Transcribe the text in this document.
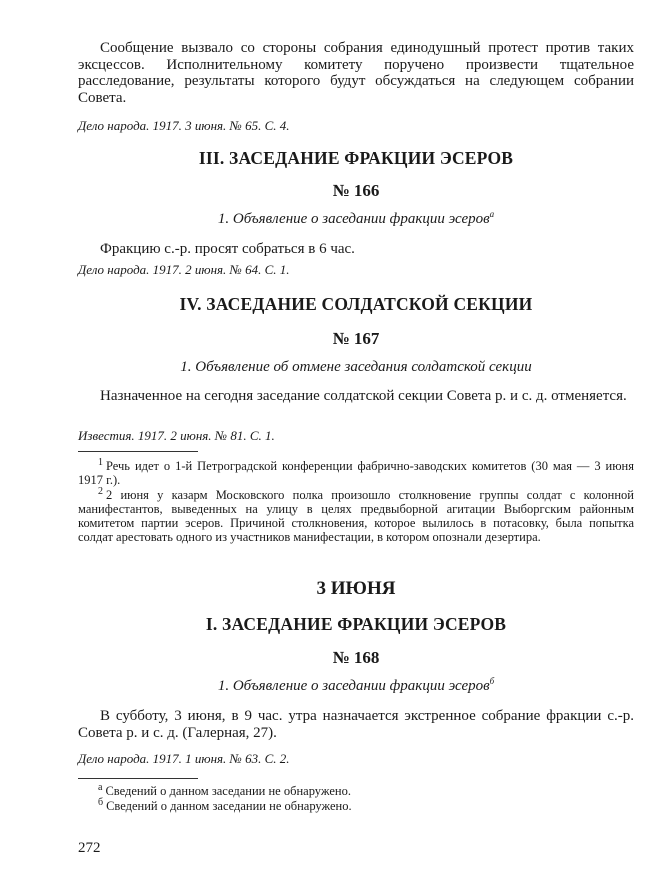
Сообщение вызвало со стороны собрания единодушный протест против таких эксцессов. Исполнительному комитету поручено произвести тщательное расследование, результаты которого будут обсуждаться на следующем собрании Совета.
Дело народа. 1917. 3 июня. № 65. С. 4.
III. ЗАСЕДАНИЕ ФРАКЦИИ ЭСЕРОВ
№ 166
1. Объявление о заседании фракции эсеров$^а$
Фракцию с.-р. просят собраться в 6 час.
Дело народа. 1917. 2 июня. № 64. С. 1.
IV. ЗАСЕДАНИЕ СОЛДАТСКОЙ СЕКЦИИ
№ 167
1. Объявление об отмене заседания солдатской секции
Назначенное на сегодня заседание солдатской секции Совета р. и с. д. отменяется.
Известия. 1917. 2 июня. № 81. С. 1.
$^1$ Речь идет о 1-й Петроградской конференции фабрично-заводских комитетов (30 мая — 3 июня 1917 г.).
$^2$ 2 июня у казарм Московского полка произошло столкновение группы солдат с колонной манифестантов, выведенных на улицу в целях предвыборной агитации Выборгским районным комитетом партии эсеров. Причиной столкновения, которое вылилось в потасовку, была попытка солдат арестовать одного из участников манифестации, в котором опознали дезертира.
3 ИЮНЯ
I. ЗАСЕДАНИЕ ФРАКЦИИ ЭСЕРОВ
№ 168
1. Объявление о заседании фракции эсеров$^б$
В субботу, 3 июня, в 9 час. утра назначается экстренное собрание фракции с.-р. Совета р. и с. д. (Галерная, 27).
Дело народа. 1917. 1 июня. № 63. С. 2.
$^а$ Сведений о данном заседании не обнаружено.
$^б$ Сведений о данном заседании не обнаружено.
272
